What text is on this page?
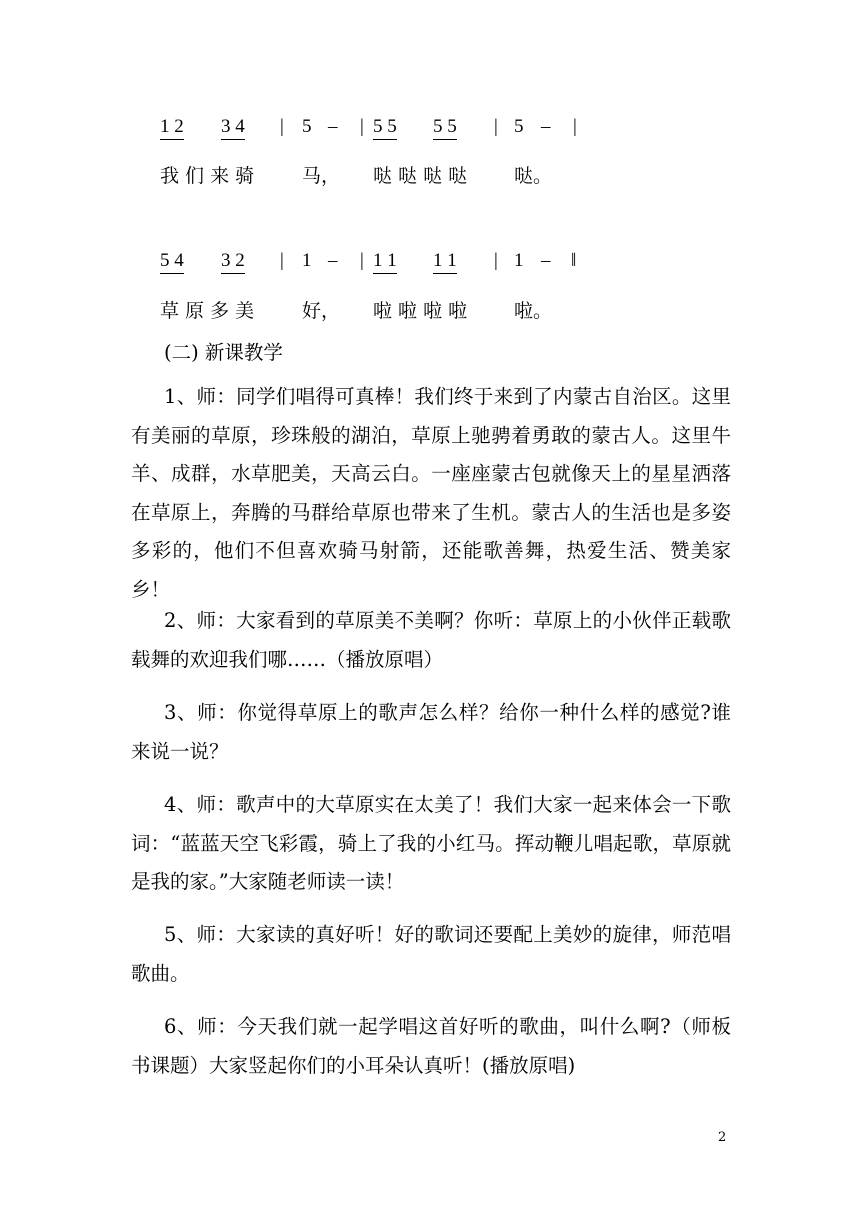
1 2 3 4 | 5 – | 5 5 5 5 | 5 – |
我 们 来 骑	马， 哒 哒 哒 哒 哒。
5 4 3 2 | 1 – | 1 1 1 1 | 1 – ‖
草 原 多 美	好， 啦 啦 啦 啦 啦。

(二) 新课教学

1、师：同学们唱得可真棒！我们终于来到了内蒙古自治区。这里有美丽的草原，珍珠般的湖泊，草原上驰骋着勇敢的蒙古人。这里牛羊、成群，水草肥美，天高云白。一座座蒙古包就像天上的星星洒落在草原上，奔腾的马群给草原也带来了生机。蒙古人的生活也是多姿多彩的，他们不但喜欢骑马射箭，还能歌善舞，热爱生活、赞美家乡！

2、师：大家看到的草原美不美啊？你听：草原上的小伙伴正载歌载舞的欢迎我们哪……（播放原唱）

3、师：你觉得草原上的歌声怎么样？给你一种什么样的感觉?谁来说一说？

4、师：歌声中的大草原实在太美了！我们大家一起来体会一下歌词：“蓝蓝天空飞彩霞，骑上了我的小红马。挥动鞭儿唱起歌，草原就是我的家。”大家随老师读一读！

5、师：大家读的真好听！好的歌词还要配上美妙的旋律，师范唱歌曲。

6、师：今天我们就一起学唱这首好听的歌曲，叫什么啊?（师板书课题）大家竖起你们的小耳朵认真听！(播放原唱)

2
